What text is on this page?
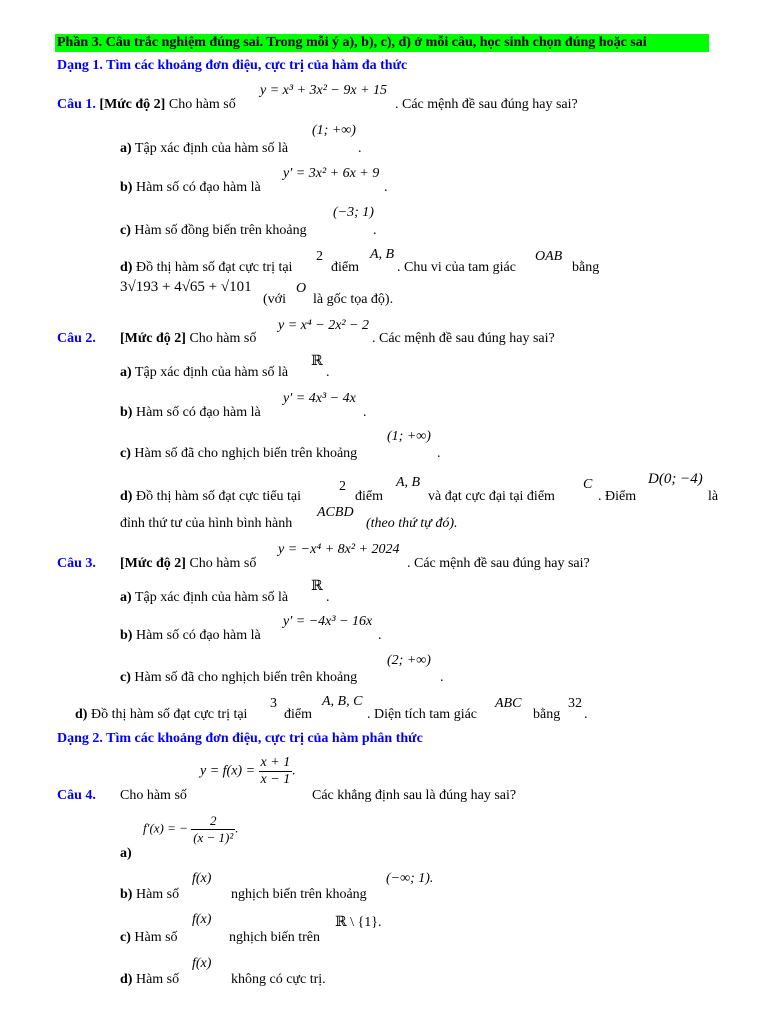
Phần 3. Câu trắc nghiệm đúng sai. Trong mỗi ý a), b), c), d) ở mỗi câu, học sinh chọn đúng hoặc sai
Dạng 1. Tìm các khoảng đơn điệu, cực trị của hàm đa thức
y = x³ + 3x² − 9x + 15
Câu 1. [Mức độ 2] Cho hàm số	. Các mệnh đề sau đúng hay sai?
(1; +∞)
a) Tập xác định của hàm số là	.
y′ = 3x² + 6x + 9
b) Hàm số có đạo hàm là	.
(−3; 1)
c) Hàm số đồng biến trên khoảng	.
2	A, B	OAB
d) Đồ thị hàm số đạt cực trị tại	điểm	. Chu vi của tam giác	bằng
3√193 + 4√65 + √101
(với
O
là gốc tọa độ).
y = x⁴ − 2x² − 2
Câu 2. [Mức độ 2] Cho hàm số	. Các mệnh đề sau đúng hay sai?
ℝ
a) Tập xác định của hàm số là	.
y′ = 4x³ − 4x
b) Hàm số có đạo hàm là	.
(1; +∞)
c) Hàm số đã cho nghịch biến trên khoảng	.
2	A, B	C	D(0; −4)
d) Đồ thị hàm số đạt cực tiểu tại	điểm	và đạt cực đại tại điểm	. Điểm	là
ACBD
đỉnh thứ tư của hình bình hành	(theo thứ tự đó).
y = −x⁴ + 8x² + 2024
Câu 3. [Mức độ 2] Cho hàm số	. Các mệnh đề sau đúng hay sai?
ℝ
a) Tập xác định của hàm số là	.
y′ = −4x³ − 16x
b) Hàm số có đạo hàm là	.
(2; +∞)
c) Hàm số đã cho nghịch biến trên khoảng	.
3	A, B, C	ABC	32
d) Đồ thị hàm số đạt cực trị tại	điểm	. Diện tích tam giác	bằng .
Dạng 2. Tìm các khoảng đơn điệu, cực trị của hàm phân thức
$y = f(x) = \frac{x + 1}{x - 1}$ .
Câu 4. Cho hàm số	Các khẳng định sau là đúng hay sai?
f′(x) = − $\frac{2}{\text{(x − 1)²}}$ .
a)
f(x)	(−∞; 1).
b) Hàm số	nghịch biến trên khoảng
f(x)	ℝ \ {1}.
c) Hàm số	nghịch biến trên
f(x)
d) Hàm số	không có cực trị.
